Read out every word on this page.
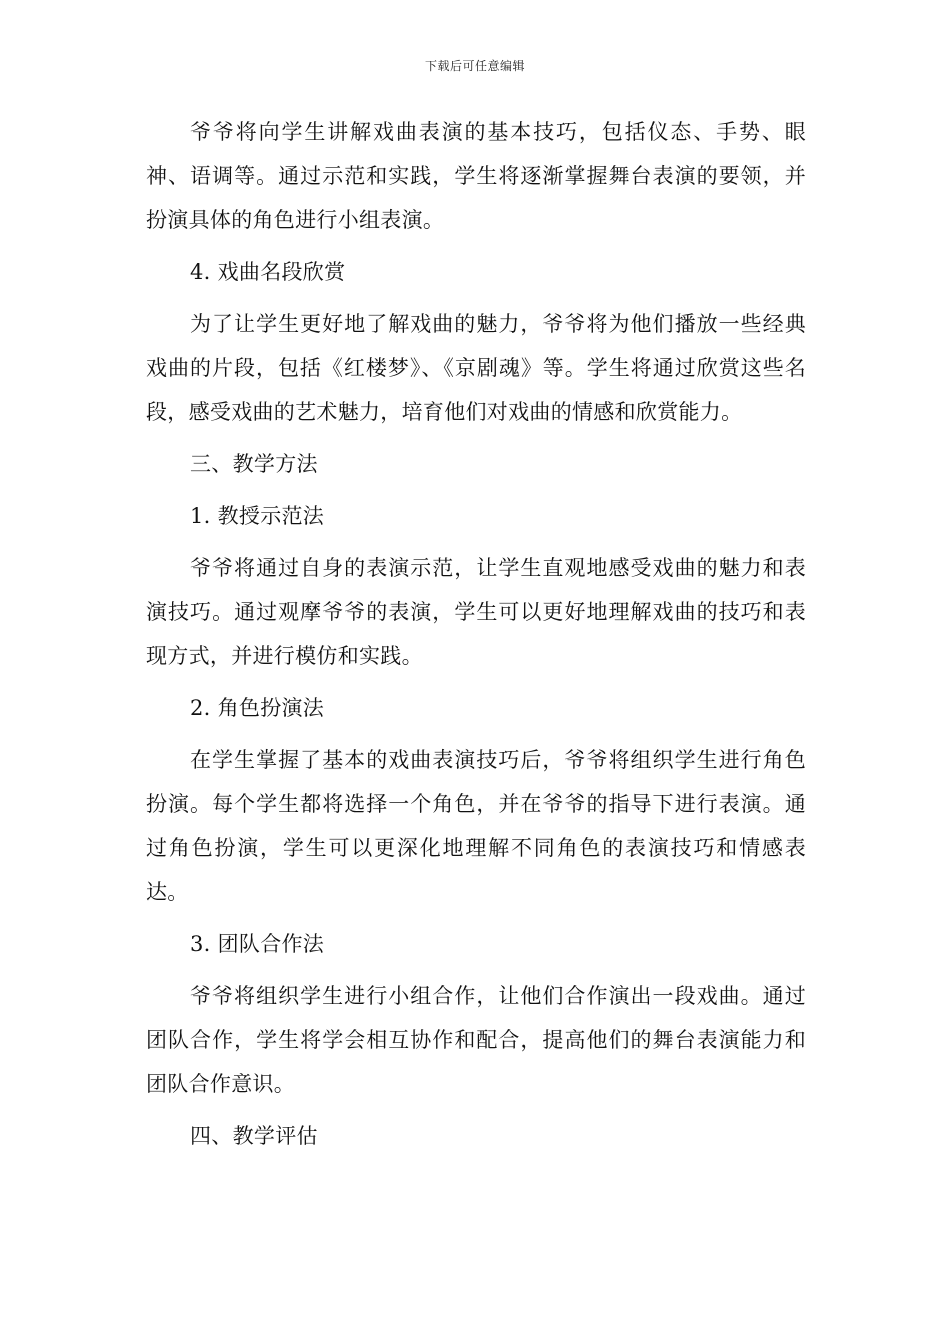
下载后可任意编辑

爷爷将向学生讲解戏曲表演的基本技巧，包括仪态、手势、眼神、语调等。通过示范和实践，学生将逐渐掌握舞台表演的要领，并扮演具体的角色进行小组表演。

4. 戏曲名段欣赏

为了让学生更好地了解戏曲的魅力，爷爷将为他们播放一些经典戏曲的片段，包括《红楼梦》、《京剧魂》等。学生将通过欣赏这些名段，感受戏曲的艺术魅力，培育他们对戏曲的情感和欣赏能力。

三、教学方法

1. 教授示范法

爷爷将通过自身的表演示范，让学生直观地感受戏曲的魅力和表演技巧。通过观摩爷爷的表演，学生可以更好地理解戏曲的技巧和表现方式，并进行模仿和实践。

2. 角色扮演法

在学生掌握了基本的戏曲表演技巧后，爷爷将组织学生进行角色扮演。每个学生都将选择一个角色，并在爷爷的指导下进行表演。通过角色扮演，学生可以更深化地理解不同角色的表演技巧和情感表达。

3. 团队合作法

爷爷将组织学生进行小组合作，让他们合作演出一段戏曲。通过团队合作，学生将学会相互协作和配合，提高他们的舞台表演能力和团队合作意识。

四、教学评估
